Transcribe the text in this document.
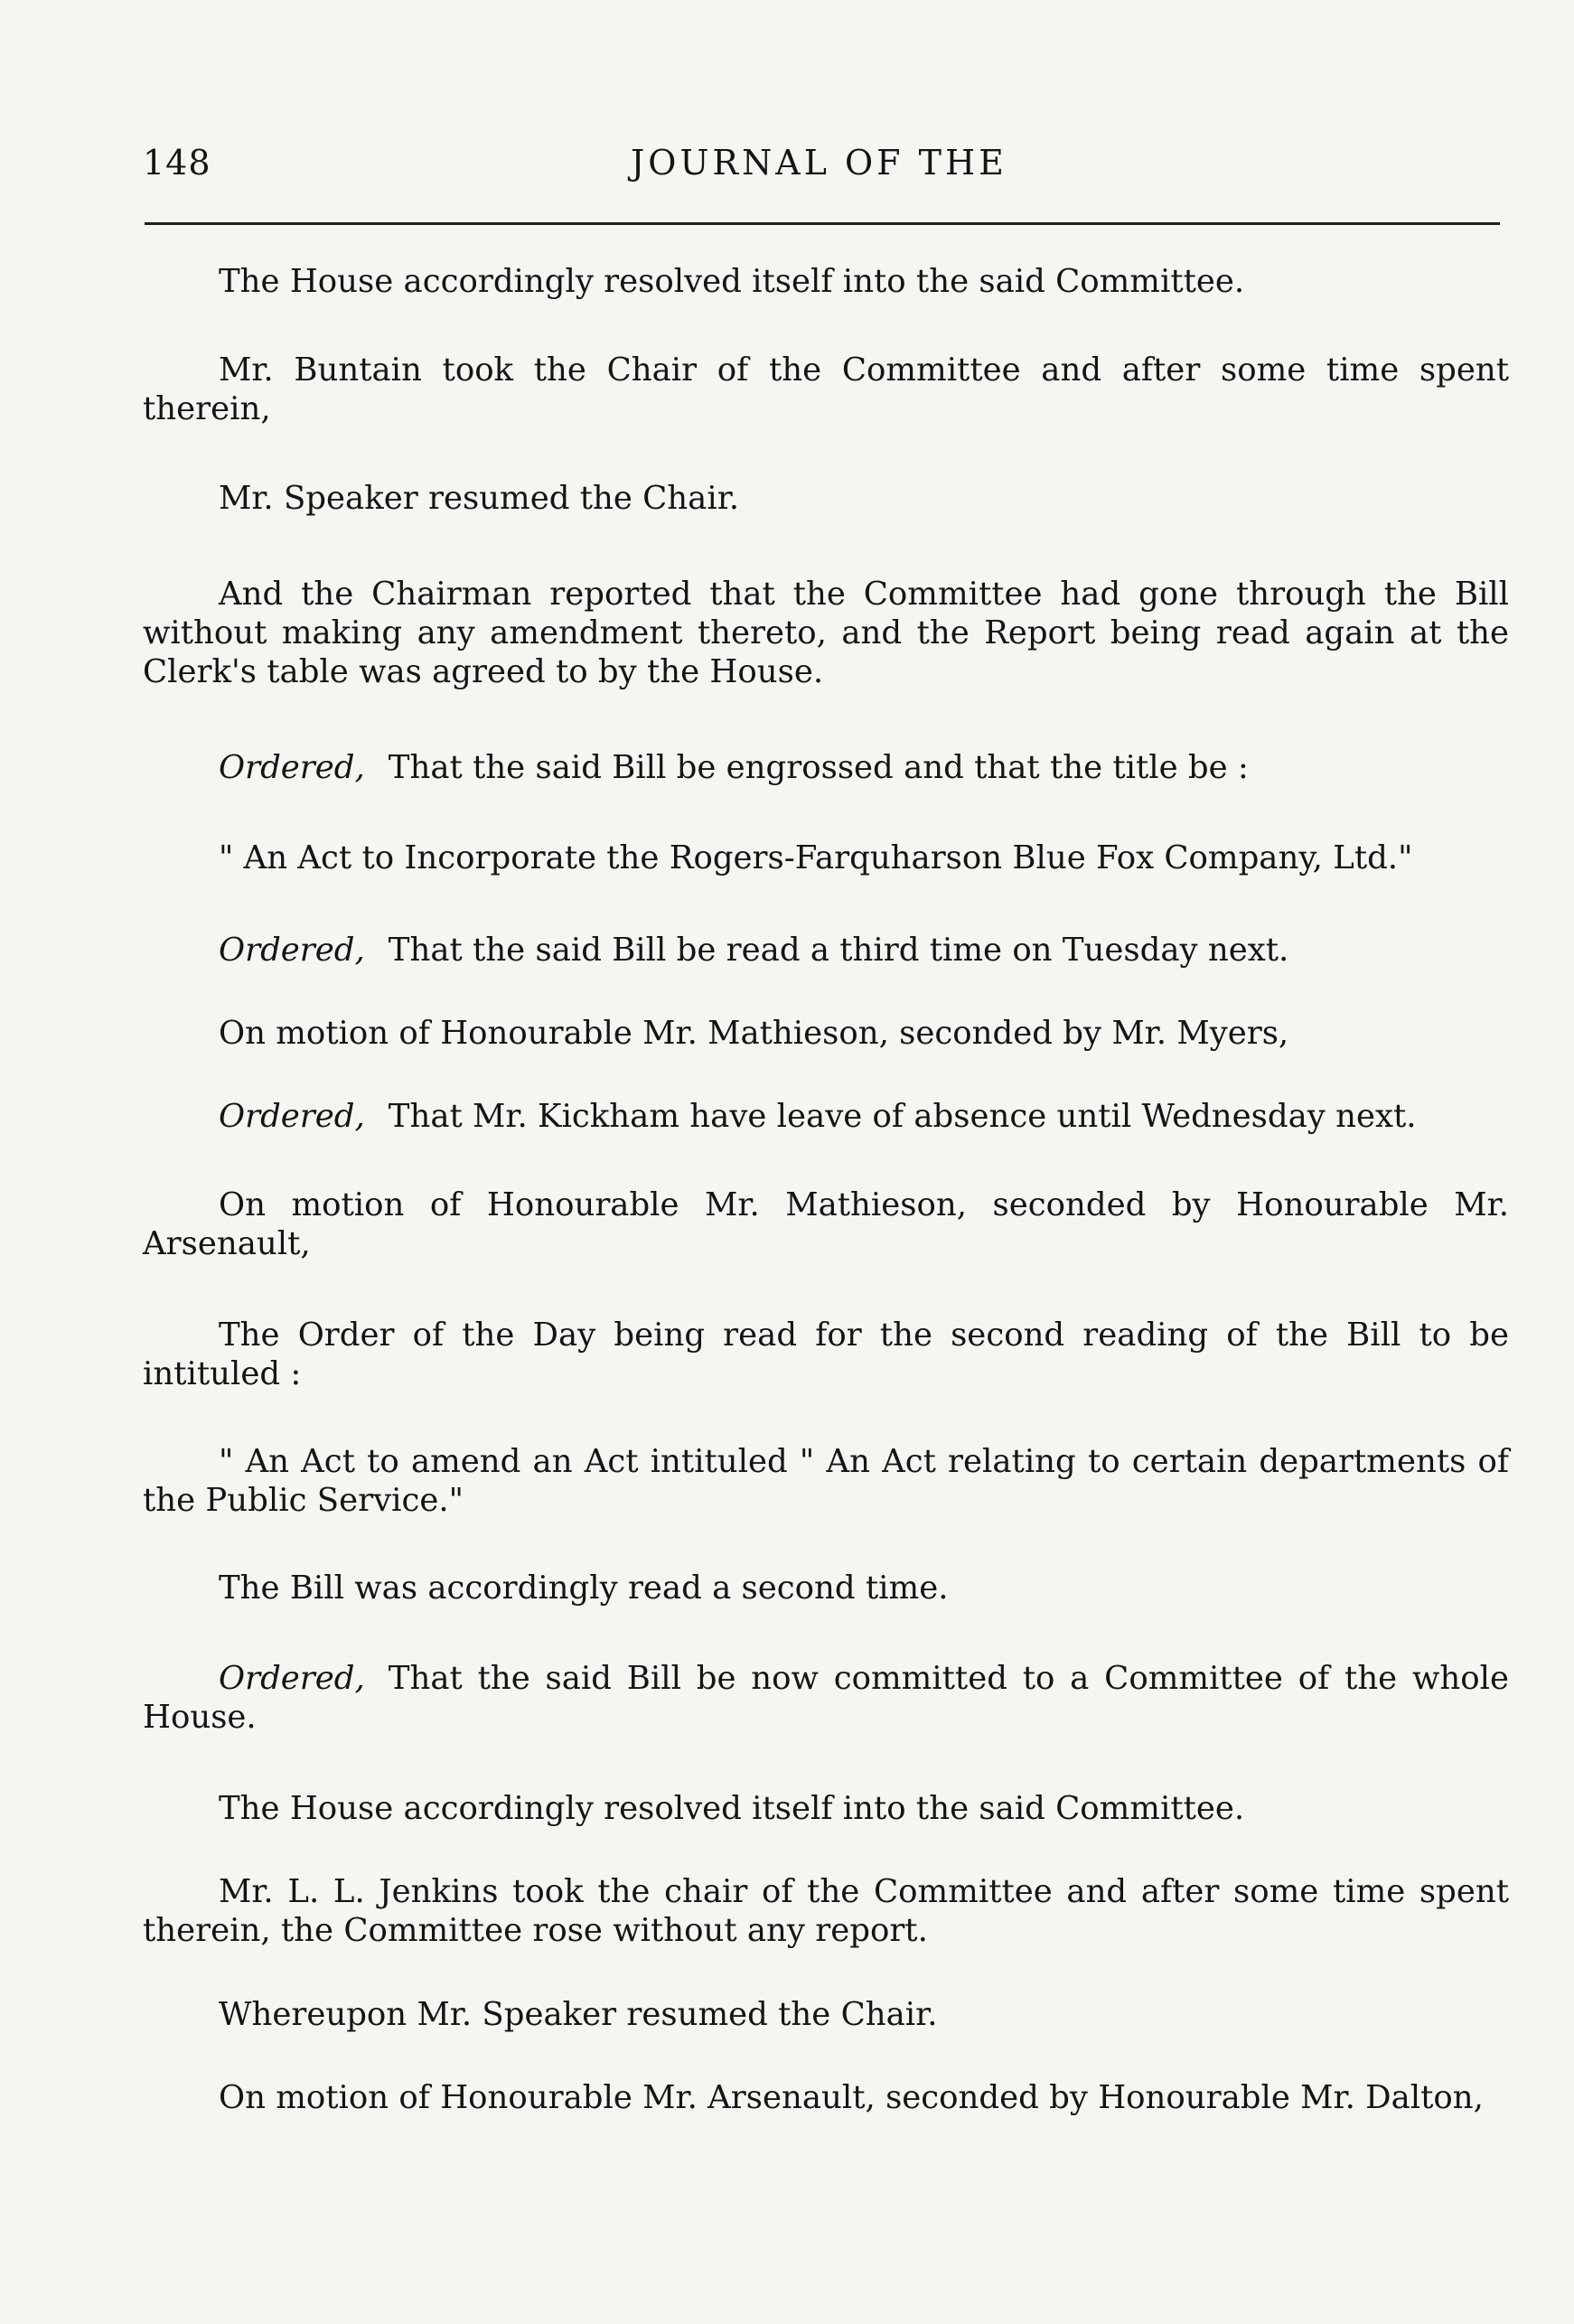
148	JOURNAL OF THE

The House accordingly resolved itself into the said Committee.

Mr. Buntain took the Chair of the Committee and after some time spent therein,

Mr. Speaker resumed the Chair.

And the Chairman reported that the Committee had gone through the Bill without making any amendment thereto, and the Report being read again at the Clerk's table was agreed to by the House.

Ordered, That the said Bill be engrossed and that the title be :

" An Act to Incorporate the Rogers-Farquharson Blue Fox Company, Ltd."

Ordered, That the said Bill be read a third time on Tuesday next.

On motion of Honourable Mr. Mathieson, seconded by Mr. Myers,

Ordered, That Mr. Kickham have leave of absence until Wednesday next.

On motion of Honourable Mr. Mathieson, seconded by Honourable Mr. Arsenault,

The Order of the Day being read for the second reading of the Bill to be intituled :

" An Act to amend an Act intituled " An Act relating to certain departments of the Public Service."

The Bill was accordingly read a second time.

Ordered, That the said Bill be now committed to a Committee of the whole House.

The House accordingly resolved itself into the said Committee.

Mr. L. L. Jenkins took the chair of the Committee and after some time spent therein, the Committee rose without any report.

Whereupon Mr. Speaker resumed the Chair.

On motion of Honourable Mr. Arsenault, seconded by Honourable Mr. Dalton,
